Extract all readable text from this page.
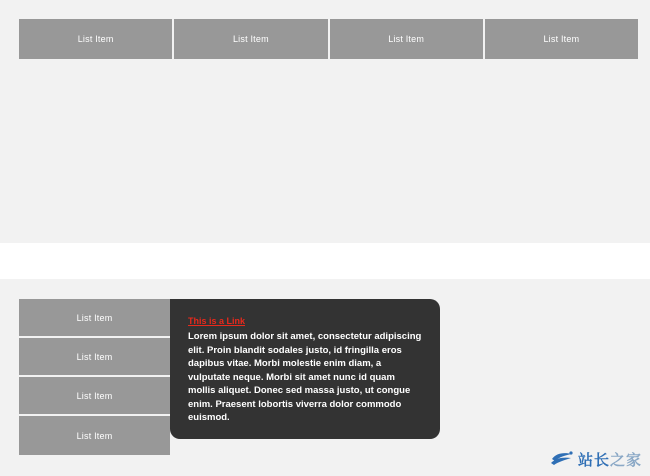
List Item	List Item	List Item	List Item
List Item
List Item
List Item
List Item
This is a Link

Lorem ipsum dolor sit amet, consectetur adipiscing elit. Proin blandit sodales justo, id fringilla eros dapibus vitae. Morbi molestie enim diam, a vulputate neque. Morbi sit amet nunc id quam mollis aliquet. Donec sed massa justo, ut congue enim. Praesent lobortis viverra dolor commodo euismod.

站长之家
